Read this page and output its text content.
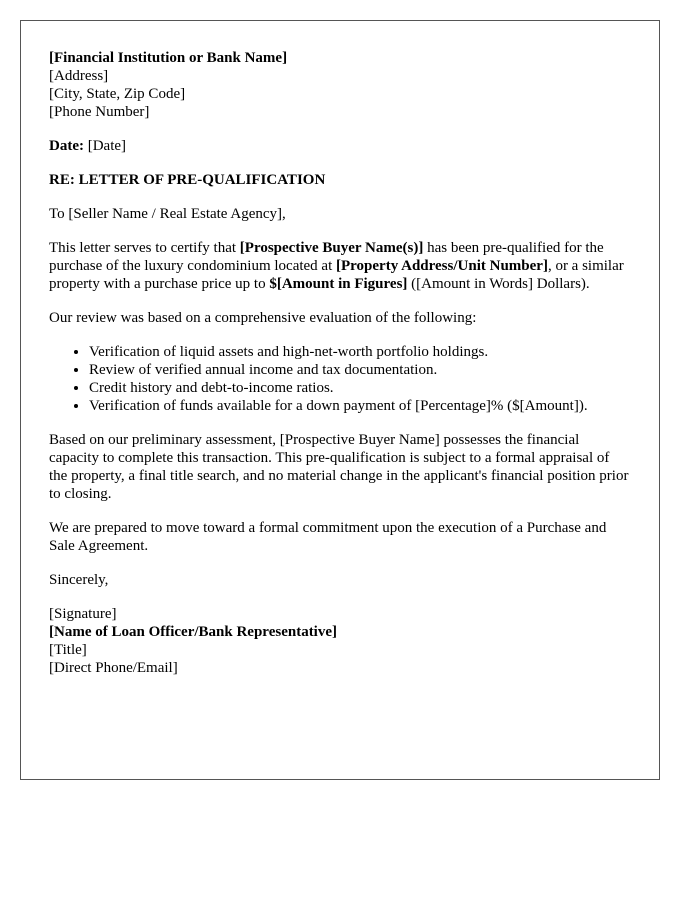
[Financial Institution or Bank Name]
[Address]
[City, State, Zip Code]
[Phone Number]

Date: [Date]

RE: LETTER OF PRE-QUALIFICATION

To [Seller Name / Real Estate Agency],

This letter serves to certify that [Prospective Buyer Name(s)] has been pre-qualified for the purchase of the luxury condominium located at [Property Address/Unit Number], or a similar property with a purchase price up to $[Amount in Figures] ([Amount in Words] Dollars).

Our review was based on a comprehensive evaluation of the following:

• Verification of liquid assets and high-net-worth portfolio holdings.
• Review of verified annual income and tax documentation.
• Credit history and debt-to-income ratios.
• Verification of funds available for a down payment of [Percentage]% ($[Amount]).

Based on our preliminary assessment, [Prospective Buyer Name] possesses the financial capacity to complete this transaction. This pre-qualification is subject to a formal appraisal of the property, a final title search, and no material change in the applicant's financial position prior to closing.

We are prepared to move toward a formal commitment upon the execution of a Purchase and Sale Agreement.

Sincerely,

[Signature]
[Name of Loan Officer/Bank Representative]
[Title]
[Direct Phone/Email]
